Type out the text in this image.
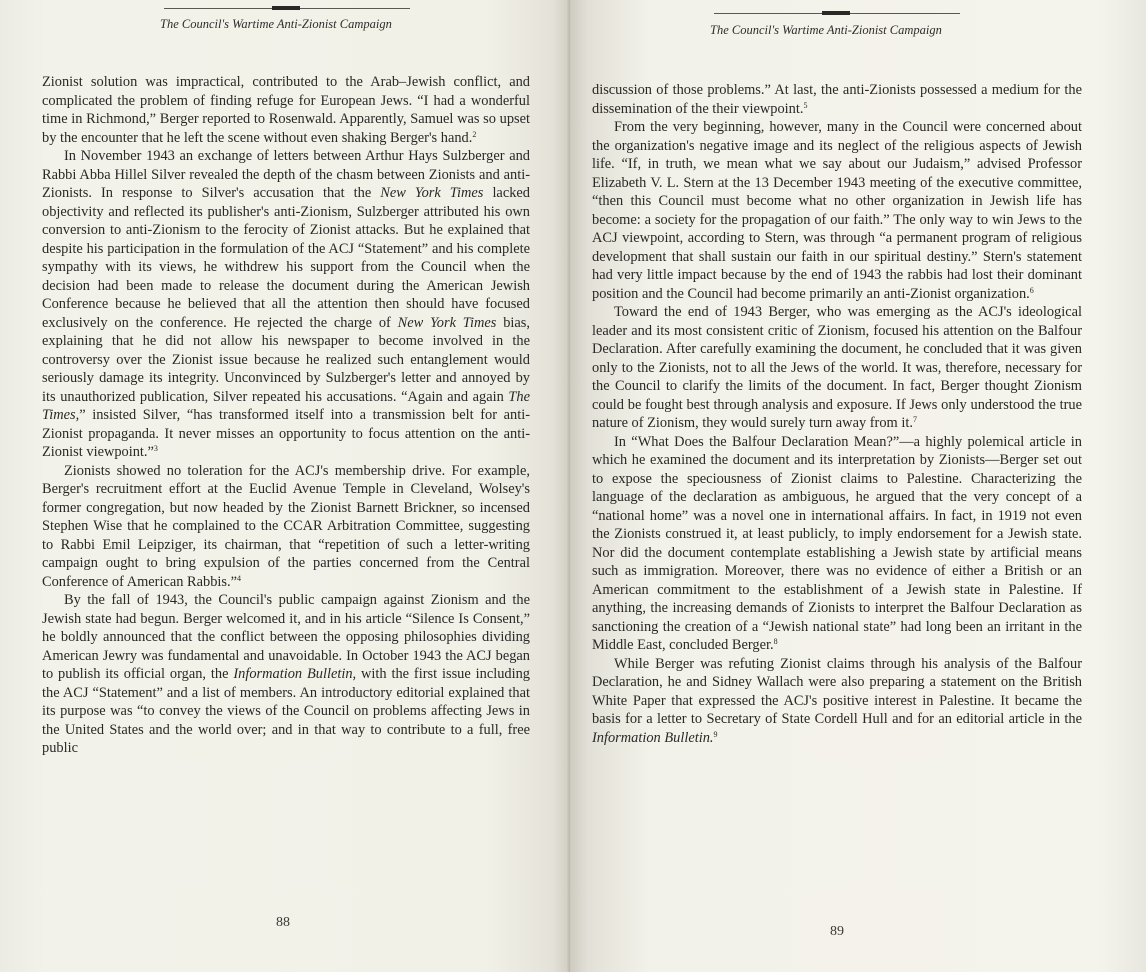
The Council's Wartime Anti-Zionist Campaign

Zionist solution was impractical, contributed to the Arab–Jewish conflict, and complicated the problem of finding refuge for European Jews. “I had a wonderful time in Richmond,” Berger reported to Rosenwald. Apparently, Samuel was so upset by the encounter that he left the scene without even shaking Berger's hand.$^2$

In November 1943 an exchange of letters between Arthur Hays Sulzberger and Rabbi Abba Hillel Silver revealed the depth of the chasm between Zionists and anti-Zionists. In response to Silver's accusation that the New York Times lacked objectivity and reflected its publisher's anti-Zionism, Sulzberger attributed his own conversion to anti-Zionism to the ferocity of Zionist attacks. But he explained that despite his participation in the formulation of the ACJ “Statement” and his complete sympathy with its views, he withdrew his support from the Council when the decision had been made to release the document during the American Jewish Conference because he believed that all the attention then should have focused exclusively on the conference. He rejected the charge of New York Times bias, explaining that he did not allow his newspaper to become involved in the controversy over the Zionist issue because he realized such entanglement would seriously damage its integrity. Unconvinced by Sulzberger's letter and annoyed by its unauthorized publication, Silver repeated his accusations. “Again and again The Times,” insisted Silver, “has transformed itself into a transmission belt for anti-Zionist propaganda. It never misses an opportunity to focus attention on the anti-Zionist viewpoint.”$^3$

Zionists showed no toleration for the ACJ's membership drive. For example, Berger's recruitment effort at the Euclid Avenue Temple in Cleveland, Wolsey's former congregation, but now headed by the Zionist Barnett Brickner, so incensed Stephen Wise that he complained to the CCAR Arbitration Committee, suggesting to Rabbi Emil Leipziger, its chairman, that “repetition of such a letter-writing campaign ought to bring expulsion of the parties concerned from the Central Conference of American Rabbis.”$^4$

By the fall of 1943, the Council's public campaign against Zionism and the Jewish state had begun. Berger welcomed it, and in his article “Silence Is Consent,” he boldly announced that the conflict between the opposing philosophies dividing American Jewry was fundamental and unavoidable. In October 1943 the ACJ began to publish its official organ, the Information Bulletin, with the first issue including the ACJ “Statement” and a list of members. An introductory editorial explained that its purpose was “to convey the views of the Council on problems affecting Jews in the United States and the world over; and in that way to contribute to a full, free public

88
The Council's Wartime Anti-Zionist Campaign

discussion of those problems.” At last, the anti-Zionists possessed a medium for the dissemination of the their viewpoint.$^5$

From the very beginning, however, many in the Council were concerned about the organization's negative image and its neglect of the religious aspects of Jewish life. “If, in truth, we mean what we say about our Judaism,” advised Professor Elizabeth V. L. Stern at the 13 December 1943 meeting of the executive committee, “then this Council must become what no other organization in Jewish life has become: a society for the propagation of our faith.” The only way to win Jews to the ACJ viewpoint, according to Stern, was through “a permanent program of religious development that shall sustain our faith in our spiritual destiny.” Stern's statement had very little impact because by the end of 1943 the rabbis had lost their dominant position and the Council had become primarily an anti-Zionist organization.$^6$

Toward the end of 1943 Berger, who was emerging as the ACJ's ideological leader and its most consistent critic of Zionism, focused his attention on the Balfour Declaration. After carefully examining the document, he concluded that it was given only to the Zionists, not to all the Jews of the world. It was, therefore, necessary for the Council to clarify the limits of the document. In fact, Berger thought Zionism could be fought best through analysis and exposure. If Jews only understood the true nature of Zionism, they would surely turn away from it.$^7$

In “What Does the Balfour Declaration Mean?”—a highly polemical article in which he examined the document and its interpretation by Zionists—Berger set out to expose the speciousness of Zionist claims to Palestine. Characterizing the language of the declaration as ambiguous, he argued that the very concept of a “national home” was a novel one in international affairs. In fact, in 1919 not even the Zionists construed it, at least publicly, to imply endorsement for a Jewish state. Nor did the document contemplate establishing a Jewish state by artificial means such as immigration. Moreover, there was no evidence of either a British or an American commitment to the establishment of a Jewish state in Palestine. If anything, the increasing demands of Zionists to interpret the Balfour Declaration as sanctioning the creation of a “Jewish national state” had long been an irritant in the Middle East, concluded Berger.$^8$

While Berger was refuting Zionist claims through his analysis of the Balfour Declaration, he and Sidney Wallach were also preparing a statement on the British White Paper that expressed the ACJ's positive interest in Palestine. It became the basis for a letter to Secretary of State Cordell Hull and for an editorial article in the Information Bulletin.$^9$

89
